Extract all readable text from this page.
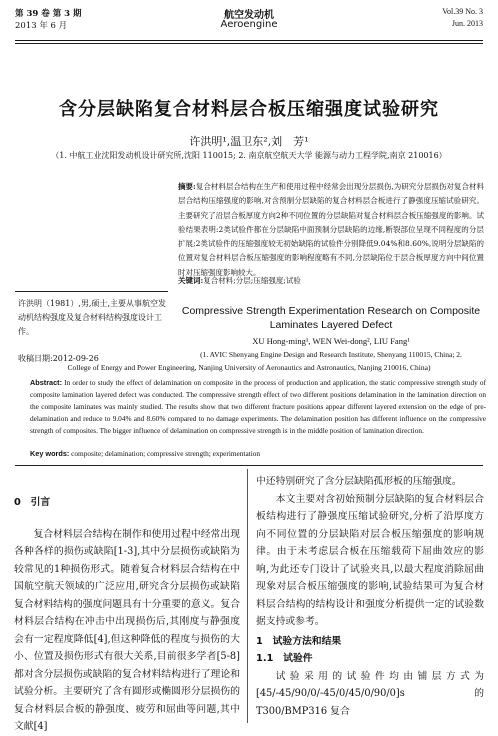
第 39 卷 第 3 期
2013 年 6 月
航空发动机
Aeroengine
Vol.39 No. 3
Jun. 2013
含分层缺陷复合材料层合板压缩强度试验研究
许洪明¹,温卫东²,刘　芳¹
（1. 中航工业沈阳发动机设计研究所,沈阳 110015; 2. 南京航空航天大学 能源与动力工程学院,南京 210016）
摘要:复合材料层合结构在生产和使用过程中经常会出现分层损伤,为研究分层损伤对复合材料层合结构压缩强度的影响,对含预制分层缺陷的复合材料层合板进行了静强度压缩试验研究。主要研究了沿层合板厚度方向2种不同位置的分层缺陷对复合材料层合板压缩强度的影响。试验结果表明:2类试验件都在分层缺陷中面预制分层缺陷的边缘,断裂部位呈现不同程度的分层扩展;2类试验件的压缩强度较无初始缺陷的试验件分别降低9.04%和8.60%,说明分层缺陷的位置对复合材料层合板压缩强度的影响程度略有不同,分层缺陷位于层合板厚度方向中间位置时对压缩强度影响较大。
关键词:复合材料;分层;压缩强度;试验
许洪明（1981）,男,硕士,主要从事航空发动机结构强度及复合材料结构强度设计工作。
收稿日期:2012-09-26
Compressive Strength Experimentation Research on Composite
Laminates Layered Defect
XU Hong-ming¹, WEN Wei-dong², LIU Fang¹
(1. AVIC Shenyang Engine Design and Research Institute, Shenyang 110015, China; 2.
College of Energy and Power Engineering, Nanjing University of Aeronautics and Astronautics, Nanjing 210016, China)
Abstract: In order to study the effect of delamination on composite in the process of production and application, the static compressive strength study of composite lamination layered defect was conducted. The compressive strength effect of two different positions delamination in the lamination direction on the composite laminates was mainly studied. The results show that two different fracture positions appear different layered extension on the edge of pre-delamination and reduce to 9.04% and 8.60% compared to no damage experiments. The delamination position has different influence on the compressive strength of composites. The bigger influence of delamination on compressive strength is in the middle position of lamination direction.
Key words: composite; delamination; compressive strength; experimentation
0　引言

复合材料层合结构在制作和使用过程中经常出现各种各样的损伤或缺陷[1-3],其中分层损伤或缺陷为较常见的1种损伤形式。随着复合材料层合结构在中国航空航天领域的广泛应用,研究含分层损伤或缺陷复合材料结构的强度问题具有十分重要的意义。复合材料层合结构在冲击中出现损伤后,其刚度与静强度会有一定程度降低[4],但这种降低的程度与损伤的大小、位置及损伤形式有很大关系,目前很多学者[5-8]都对含分层损伤或缺陷的复合材料结构进行了理论和试验分析。主要研究了含有圆形或椭圆形分层损伤的复合材料层合板的静强度、疲劳和屈曲等问题,其中文献[4]

中还特别研究了含分层缺陷孤形板的压缩强度。

本文主要对含初始预制分层缺陷的复合材料层合板结构进行了静强度压缩试验研究,分析了沿厚度方向不同位置的分层缺陷对层合板压缩强度的影响规律。由于未考虑层合板在压缩载荷下屈曲效应的影响,为此还专门设计了试验夹具,以最大程度消除屈曲现象对层合板压缩强度的影响,试验结果可为复合材料层合结构的结构设计和强度分析提供一定的试验数据支持或参考。

1　试验方法和结果
1.1　试验件

试验采用的试验件均由铺层方式为[45/-45/90/0/-45/0/45/0/90/0]s 的 T300/BMP316 复合
